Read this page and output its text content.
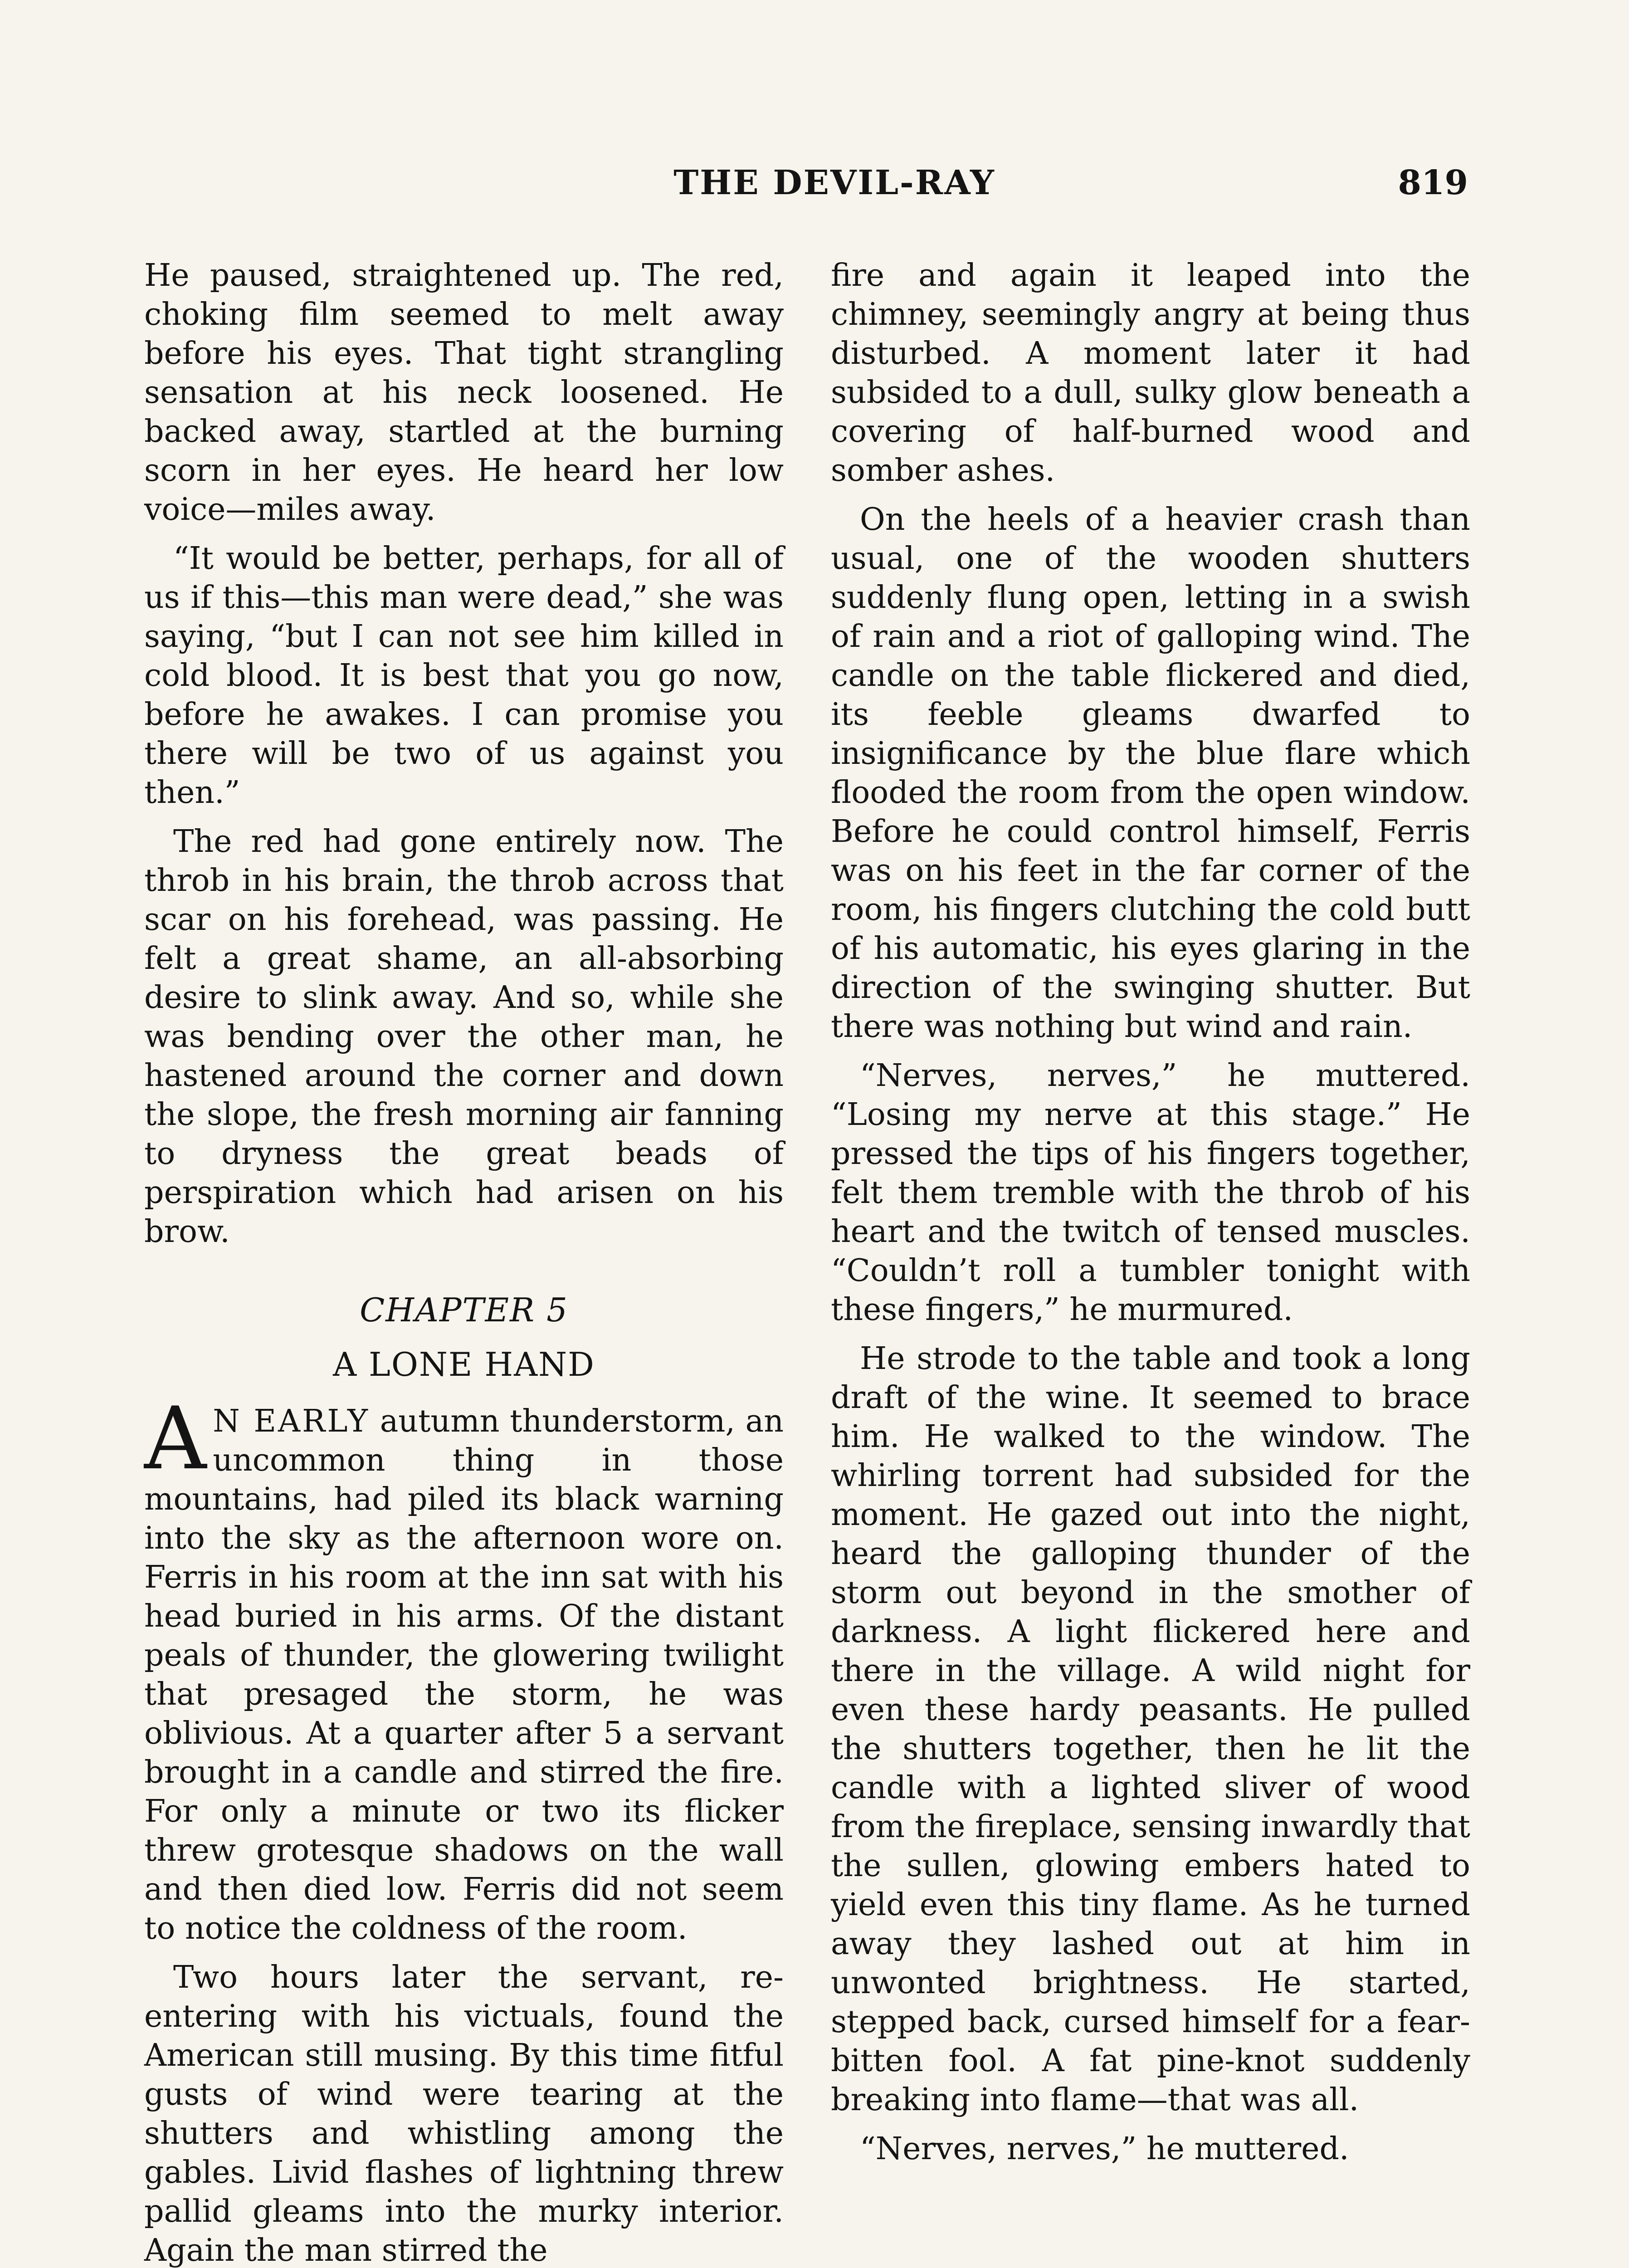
THE DEVIL-RAY	819

He paused, straightened up. The red, choking film seemed to melt away before his eyes. That tight strangling sensation at his neck loosened. He backed away, startled at the burning scorn in her eyes. He heard her low voice—miles away.

“It would be better, perhaps, for all of us if this—this man were dead,” she was saying, “but I can not see him killed in cold blood. It is best that you go now, before he awakes. I can promise you there will be two of us against you then.”

The red had gone entirely now. The throb in his brain, the throb across that scar on his forehead, was passing. He felt a great shame, an all-absorbing desire to slink away. And so, while she was bending over the other man, he hastened around the corner and down the slope, the fresh morning air fanning to dryness the great beads of perspiration which had arisen on his brow.

CHAPTER 5
A LONE HAND

A N EARLY autumn thunderstorm, an uncommon thing in those mountains, had piled its black warning into the sky as the afternoon wore on. Ferris in his room at the inn sat with his head buried in his arms. Of the distant peals of thunder, the glowering twilight that presaged the storm, he was oblivious. At a quarter after 5 a servant brought in a candle and stirred the fire. For only a minute or two its flicker threw grotesque shadows on the wall and then died low. Ferris did not seem to notice the coldness of the room.

Two hours later the servant, re-entering with his victuals, found the American still musing. By this time fitful gusts of wind were tearing at the shutters and whistling among the gables. Livid flashes of lightning threw pallid gleams into the murky interior. Again the man stirred the

fire and again it leaped into the chimney, seemingly angry at being thus disturbed. A moment later it had subsided to a dull, sulky glow beneath a covering of half-burned wood and somber ashes.

On the heels of a heavier crash than usual, one of the wooden shutters suddenly flung open, letting in a swish of rain and a riot of galloping wind. The candle on the table flickered and died, its feeble gleams dwarfed to insignificance by the blue flare which flooded the room from the open window. Before he could control himself, Ferris was on his feet in the far corner of the room, his fingers clutching the cold butt of his automatic, his eyes glaring in the direction of the swinging shutter. But there was nothing but wind and rain.

“Nerves, nerves,” he muttered. “Losing my nerve at this stage.” He pressed the tips of his fingers together, felt them tremble with the throb of his heart and the twitch of tensed muscles. “Couldn’t roll a tumbler tonight with these fingers,” he murmured.

He strode to the table and took a long draft of the wine. It seemed to brace him. He walked to the window. The whirling torrent had subsided for the moment. He gazed out into the night, heard the galloping thunder of the storm out beyond in the smother of darkness. A light flickered here and there in the village. A wild night for even these hardy peasants. He pulled the shutters together, then he lit the candle with a lighted sliver of wood from the fireplace, sensing inwardly that the sullen, glowing embers hated to yield even this tiny flame. As he turned away they lashed out at him in unwonted brightness. He started, stepped back, cursed himself for a fear-bitten fool. A fat pine-knot suddenly breaking into flame—that was all.

“Nerves, nerves,” he muttered.
